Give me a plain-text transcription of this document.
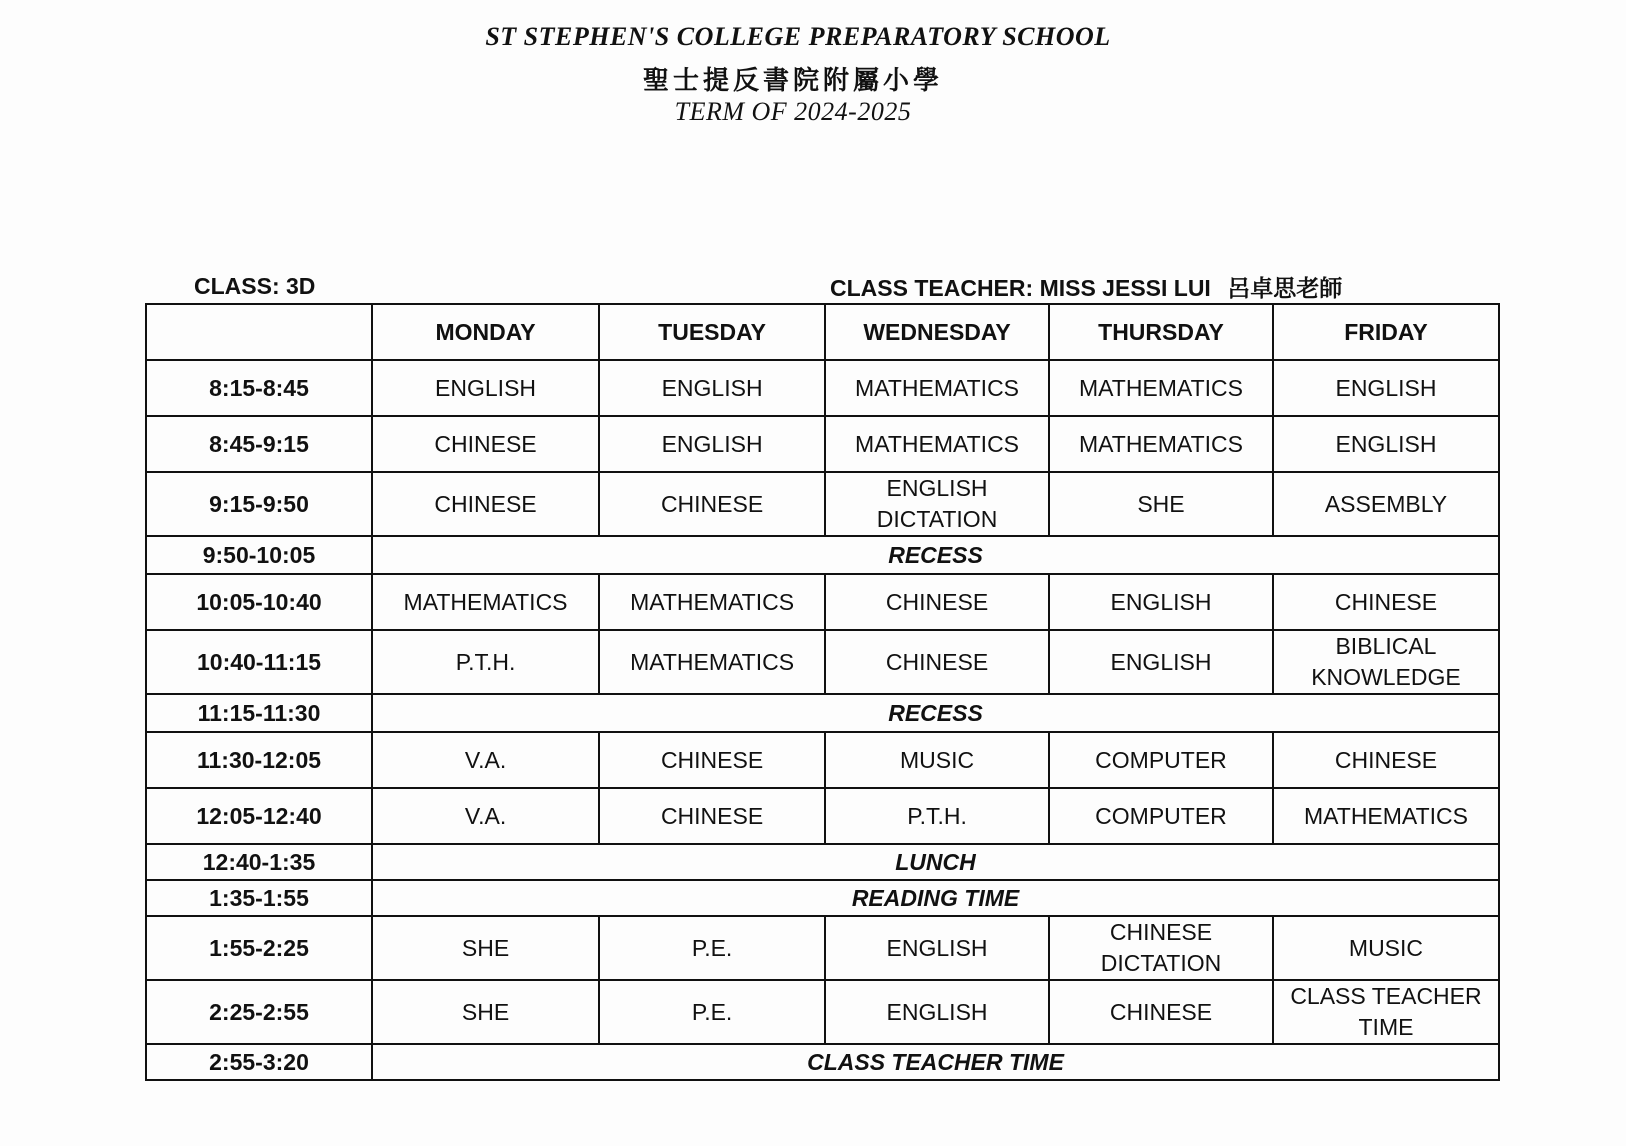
ST STEPHEN'S COLLEGE PREPARATORY SCHOOL
聖士提反書院附屬小學
TERM OF 2024-2025
CLASS: 3D	CLASS TEACHER: MISS JESSI LUI 呂卓思老師
	MONDAY	TUESDAY	WEDNESDAY	THURSDAY	FRIDAY
8:15-8:45	ENGLISH	ENGLISH	MATHEMATICS	MATHEMATICS	ENGLISH
8:45-9:15	CHINESE	ENGLISH	MATHEMATICS	MATHEMATICS	ENGLISH
9:15-9:50	CHINESE	CHINESE	ENGLISH DICTATION	SHE	ASSEMBLY
9:50-10:05	RECESS				
10:05-10:40	MATHEMATICS	MATHEMATICS	CHINESE	ENGLISH	CHINESE
10:40-11:15	P.T.H.	MATHEMATICS	CHINESE	ENGLISH	BIBLICAL KNOWLEDGE
11:15-11:30	RECESS				
11:30-12:05	V.A.	CHINESE	MUSIC	COMPUTER	CHINESE
12:05-12:40	V.A.	CHINESE	P.T.H.	COMPUTER	MATHEMATICS
12:40-1:35	LUNCH				
1:35-1:55	READING TIME				
1:55-2:25	SHE	P.E.	ENGLISH	CHINESE DICTATION	MUSIC
2:25-2:55	SHE	P.E.	ENGLISH	CHINESE	CLASS TEACHER TIME
2:55-3:20	CLASS TEACHER TIME				
